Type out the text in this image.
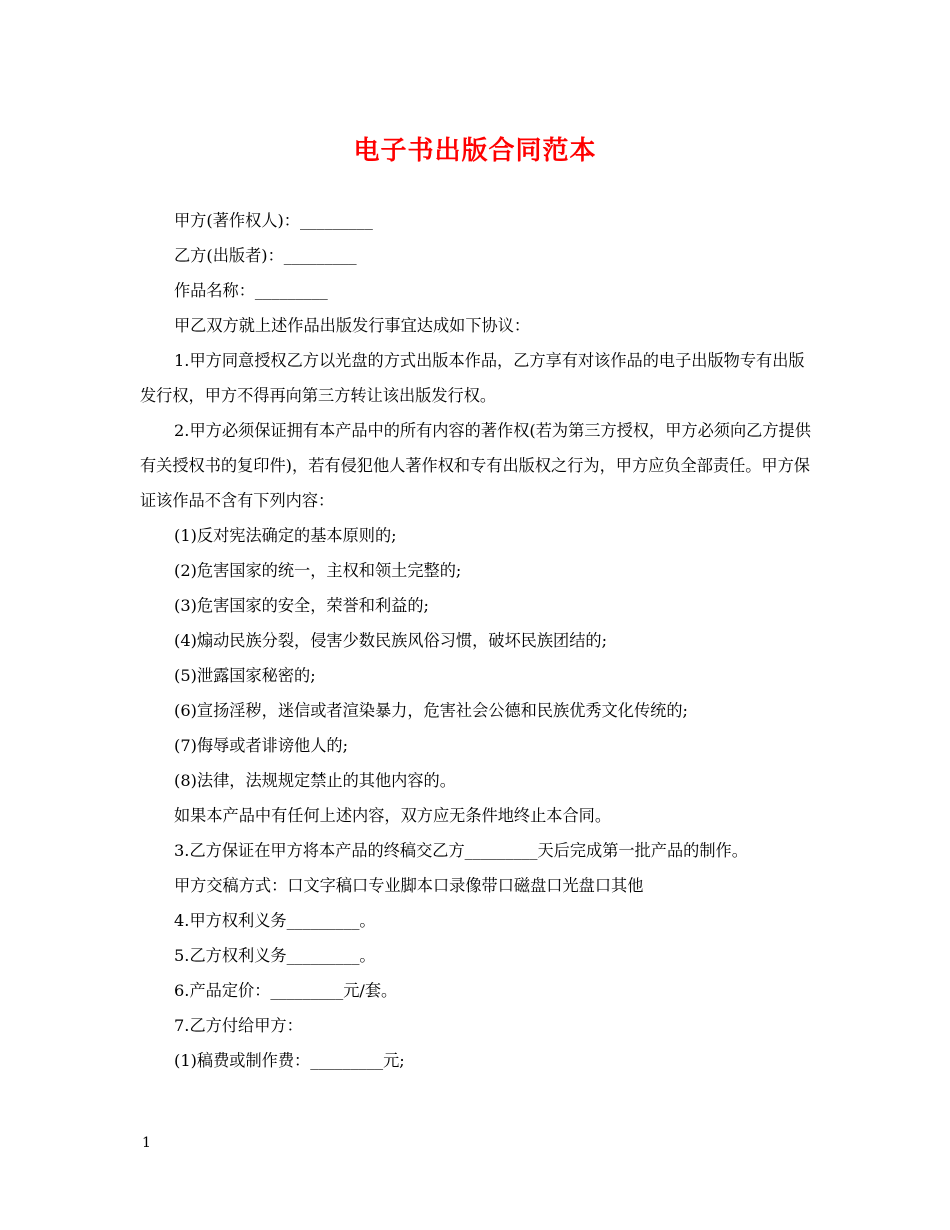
电子书出版合同范本

甲方(著作权人)：_________

乙方(出版者)：_________

作品名称：_________

甲乙双方就上述作品出版发行事宜达成如下协议：

1.甲方同意授权乙方以光盘的方式出版本作品，乙方享有对该作品的电子出版物专有出版发行权，甲方不得再向第三方转让该出版发行权。

2.甲方必须保证拥有本产品中的所有内容的著作权(若为第三方授权，甲方必须向乙方提供有关授权书的复印件)，若有侵犯他人著作权和专有出版权之行为，甲方应负全部责任。甲方保证该作品不含有下列内容：

(1)反对宪法确定的基本原则的;

(2)危害国家的统一，主权和领土完整的;

(3)危害国家的安全，荣誉和利益的;

(4)煽动民族分裂，侵害少数民族风俗习惯，破坏民族团结的;

(5)泄露国家秘密的;

(6)宣扬淫秽，迷信或者渲染暴力，危害社会公德和民族优秀文化传统的;

(7)侮辱或者诽谤他人的;

(8)法律，法规规定禁止的其他内容的。

如果本产品中有任何上述内容，双方应无条件地终止本合同。

3.乙方保证在甲方将本产品的终稿交乙方_________天后完成第一批产品的制作。

甲方交稿方式：口文字稿口专业脚本口录像带口磁盘口光盘口其他

4.甲方权利义务_________。

5.乙方权利义务_________。

6.产品定价：_________元/套。

7.乙方付给甲方：

(1)稿费或制作费：_________元;

1
